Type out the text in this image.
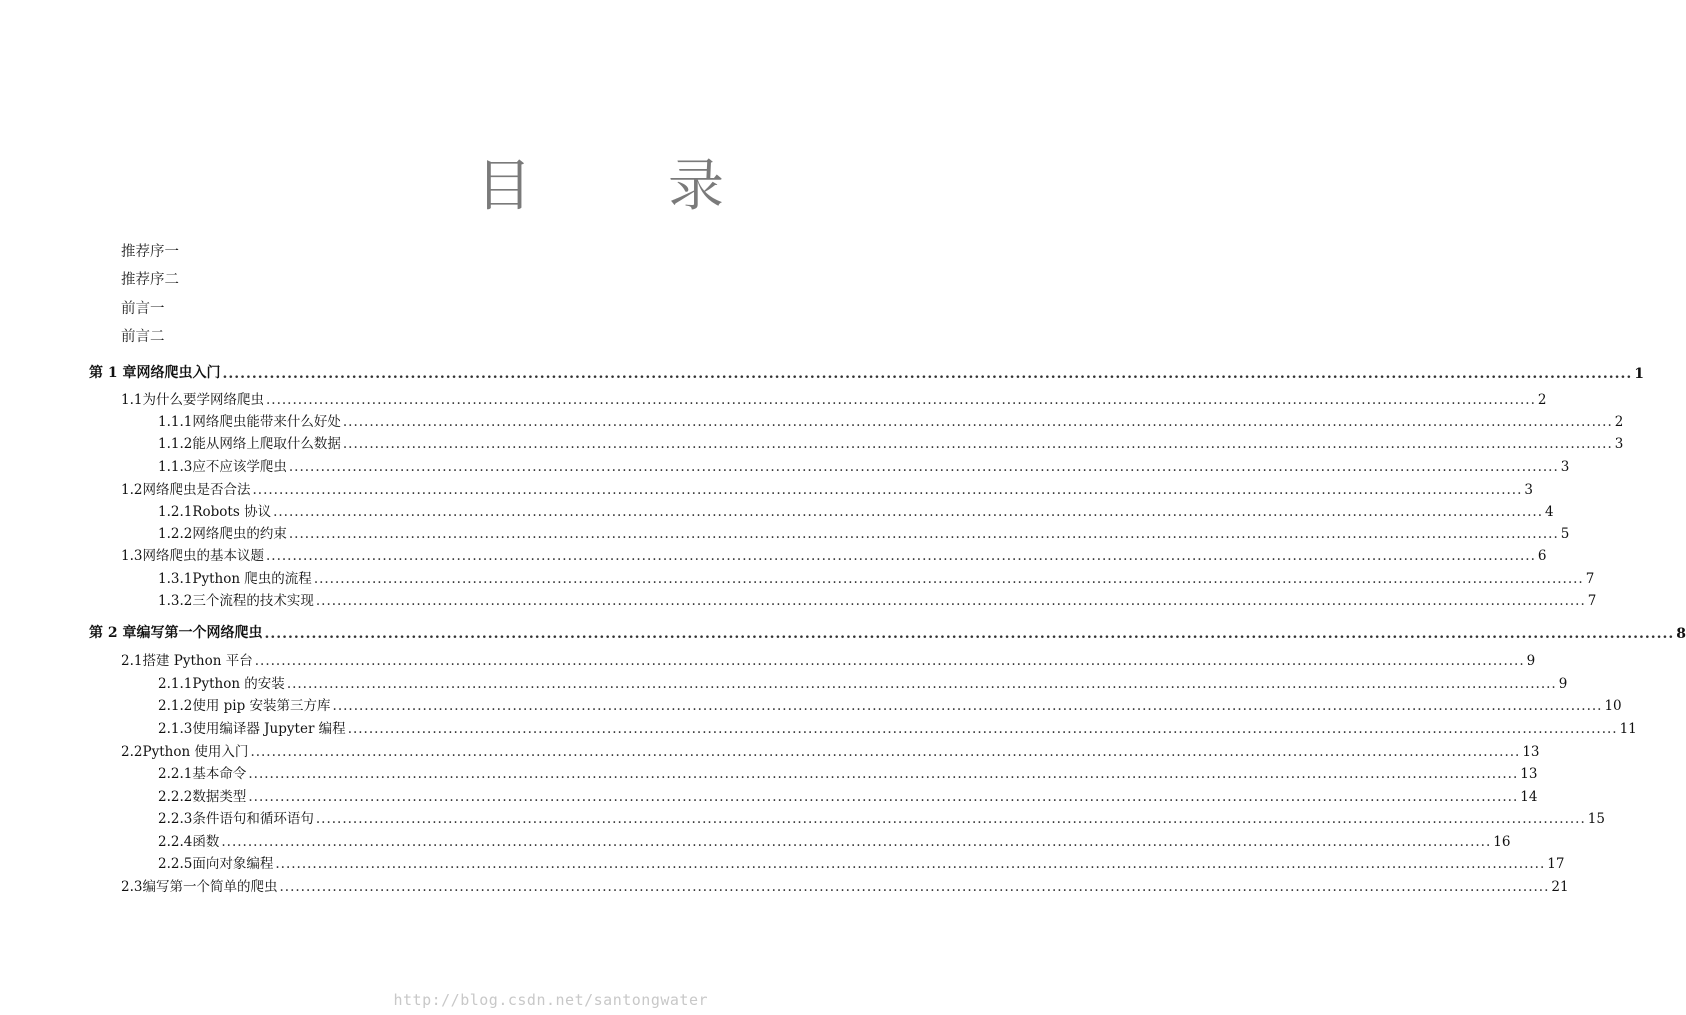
目　录
推荐序一
推荐序二
前言一
前言二
第 1 章 网络爬虫入门 .....	1
1.1 为什么要学网络爬虫 .....	2
1.1.1 网络爬虫能带来什么好处 .....	2
1.1.2 能从网络上爬取什么数据 .....	3
1.1.3 应不应该学爬虫 .....	3
1.2 网络爬虫是否合法 .....	3
1.2.1 Robots 协议 .....	4
1.2.2 网络爬虫的约束 .....	5
1.3 网络爬虫的基本议题 .....	6
1.3.1 Python 爬虫的流程 .....	7
1.3.2 三个流程的技术实现 .....	7
第 2 章 编写第一个网络爬虫 .....	8
2.1 搭建 Python 平台 .....	9
2.1.1 Python 的安装 .....	9
2.1.2 使用 pip 安装第三方库 .....	10
2.1.3 使用编译器 Jupyter 编程 .....	11
2.2 Python 使用入门 .....	13
2.2.1 基本命令 .....	13
2.2.2 数据类型 .....	14
2.2.3 条件语句和循环语句 .....	15
2.2.4 函数 .....	16
2.2.5 面向对象编程 .....	17
2.3 编写第一个简单的爬虫 .....	21
http://blog.csdn.net/santongwater
